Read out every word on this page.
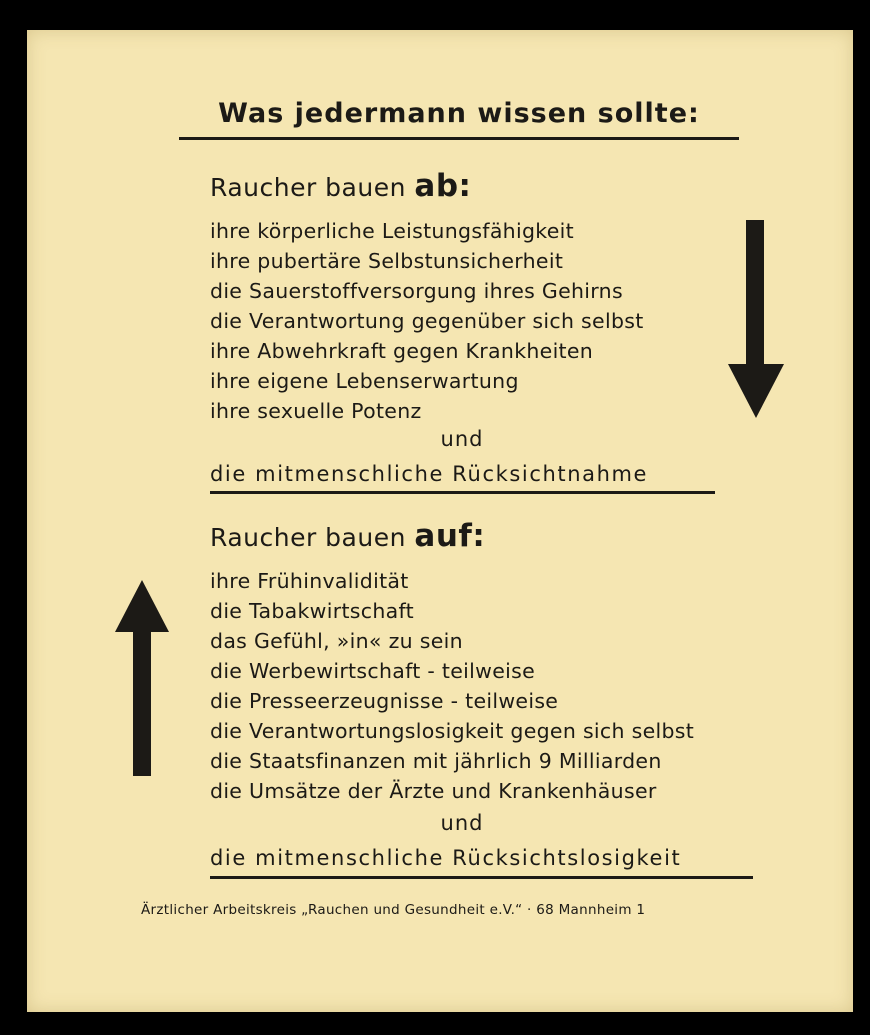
Was jedermann wissen sollte:
Raucher bauen ab:
ihre körperliche Leistungsfähigkeit
ihre pubertäre Selbstunsicherheit
die Sauerstoffversorgung ihres Gehirns
die Verantwortung gegenüber sich selbst
ihre Abwehrkraft gegen Krankheiten
ihre eigene Lebenserwartung
ihre sexuelle Potenz
und
die mitmenschliche Rücksichtnahme
Raucher bauen auf:
ihre Frühinvalidität
die Tabakwirtschaft
das Gefühl, »in« zu sein
die Werbewirtschaft - teilweise
die Presseerzeugnisse - teilweise
die Verantwortungslosigkeit gegen sich selbst
die Staatsfinanzen mit jährlich 9 Milliarden
die Umsätze der Ärzte und Krankenhäuser
und
die mitmenschliche Rücksichtslosigkeit
Ärztlicher Arbeitskreis „Rauchen und Gesundheit e.V.“ · 68 Mannheim 1
